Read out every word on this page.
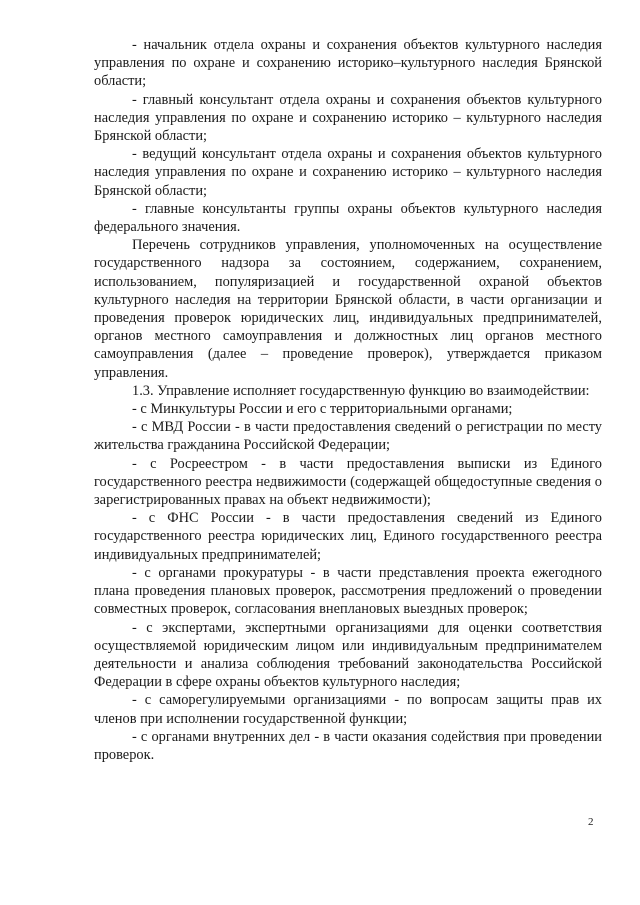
- начальник отдела охраны и сохранения объектов культурного наследия управления по охране и сохранению историко–культурного наследия Брянской области;

- главный консультант отдела охраны и сохранения объектов культурного наследия управления по охране и сохранению историко – культурного наследия Брянской области;

- ведущий консультант отдела охраны и сохранения объектов культурного наследия управления по охране и сохранению историко – культурного наследия Брянской области;

- главные консультанты группы охраны объектов культурного наследия федерального значения.

Перечень сотрудников управления, уполномоченных на осуществление государственного надзора за состоянием, содержанием, сохранением, использованием, популяризацией и государственной охраной объектов культурного наследия на территории Брянской области, в части организации и проведения проверок юридических лиц, индивидуальных предпринимателей, органов местного самоуправления и должностных лиц органов местного самоуправления (далее – проведение проверок), утверждается приказом управления.

1.3. Управление исполняет государственную функцию во взаимодействии:

- с Минкультуры России и его с территориальными органами;

- с МВД России - в части предоставления сведений о регистрации по месту жительства гражданина Российской Федерации;

- с Росреестром - в части предоставления выписки из Единого государственного реестра недвижимости (содержащей общедоступные сведения о зарегистрированных правах на объект недвижимости);

- с ФНС России - в части предоставления сведений из Единого государственного реестра юридических лиц, Единого государственного реестра индивидуальных предпринимателей;

- с органами прокуратуры - в части представления проекта ежегодного плана проведения плановых проверок, рассмотрения предложений о проведении совместных проверок, согласования внеплановых выездных проверок;

- с экспертами, экспертными организациями для оценки соответствия осуществляемой юридическим лицом или индивидуальным предпринимателем деятельности и анализа соблюдения требований законодательства Российской Федерации в сфере охраны объектов культурного наследия;

- с саморегулируемыми организациями - по вопросам защиты прав их членов при исполнении государственной функции;

- с органами внутренних дел - в части оказания содействия при проведении проверок.

2
